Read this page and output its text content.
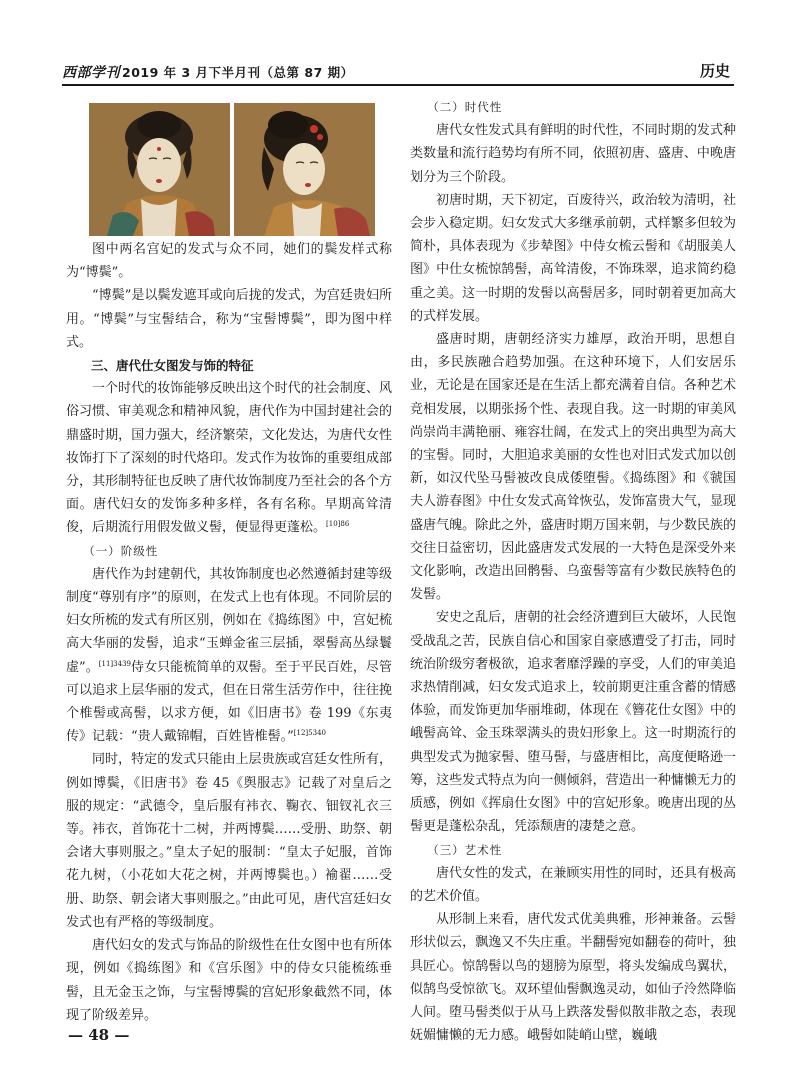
西部学刊 2019 年 3 月下半月刊（总第 87 期）	历史

图中两名宫妃的发式与众不同，她们的鬓发样式称为“博鬓”。

“博鬓”是以鬓发遮耳或向后拢的发式，为宫廷贵妇所用。“博鬓”与宝髻结合，称为“宝髻博鬓”，即为图中样式。

三、唐代仕女图发与饰的特征

一个时代的妆饰能够反映出这个时代的社会制度、风俗习惯、审美观念和精神风貌，唐代作为中国封建社会的鼎盛时期，国力强大，经济繁荣，文化发达，为唐代女性妆饰打下了深刻的时代烙印。发式作为妆饰的重要组成部分，其形制特征也反映了唐代妆饰制度乃至社会的各个方面。唐代妇女的发饰多种多样，各有名称。早期高耸清俊，后期流行用假发做义髻，便显得更蓬松。$^{[10]86}$

（一）阶级性

唐代作为封建朝代，其妆饰制度也必然遵循封建等级制度“尊别有序”的原则，在发式上也有体现。不同阶层的妇女所梳的发式有所区别，例如在《捣练图》中，宫妃梳高大华丽的发髻，追求“玉蝉金雀三层插，翠髻高丛绿鬟虚”。$^{[11]3439}$侍女只能梳简单的双髻。至于平民百姓，尽管可以追求上层华丽的发式，但在日常生活劳作中，往往挽个椎髻或高髻，以求方便，如《旧唐书》卷 199《东夷传》记载：“贵人戴锦帽，百姓皆椎髻。”$^{[12]5340}$

同时，特定的发式只能由上层贵族或宫廷女性所有，例如博鬓，《旧唐书》卷 45《舆服志》记载了对皇后之服的规定：“武德令，皇后服有袆衣、鞠衣、钿钗礼衣三等。袆衣，首饰花十二树，并两博鬓……受册、助祭、朝会诸大事则服之。”皇太子妃的服制：“皇太子妃服，首饰花九树，（小花如大花之树，并两博鬓也。）褕翟……受册、助祭、朝会诸大事则服之。”由此可见，唐代宫廷妇女发式也有严格的等级制度。

唐代妇女的发式与饰品的阶级性在仕女图中也有所体现，例如《捣练图》和《宫乐图》中的侍女只能梳练垂髻，且无金玉之饰，与宝髻博鬓的宫妃形象截然不同，体现了阶级差异。

（二）时代性

唐代女性发式具有鲜明的时代性，不同时期的发式种类数量和流行趋势均有所不同，依照初唐、盛唐、中晚唐划分为三个阶段。

初唐时期，天下初定，百废待兴，政治较为清明，社会步入稳定期。妇女发式大多继承前朝，式样繁多但较为简朴，具体表现为《步辇图》中侍女梳云髻和《胡服美人图》中仕女梳惊鹄髻，高耸清俊，不饰珠翠，追求简约稳重之美。这一时期的发髻以高髻居多，同时朝着更加高大的式样发展。

盛唐时期，唐朝经济实力雄厚，政治开明，思想自由，多民族融合趋势加强。在这种环境下，人们安居乐业，无论是在国家还是在生活上都充满着自信。各种艺术竞相发展，以期张扬个性、表现自我。这一时期的审美风尚崇尚丰满艳丽、雍容壮阔，在发式上的突出典型为高大的宝髻。同时，大胆追求美丽的女性也对旧式发式加以创新，如汉代坠马髻被改良成倭堕髻。《捣练图》和《虢国夫人游春图》中仕女发式高耸恢弘，发饰富贵大气，显现盛唐气魄。除此之外，盛唐时期万国来朝，与少数民族的交往日益密切，因此盛唐发式发展的一大特色是深受外来文化影响，改造出回鹘髻、乌蛮髻等富有少数民族特色的发髻。

安史之乱后，唐朝的社会经济遭到巨大破坏，人民饱受战乱之苦，民族自信心和国家自豪感遭受了打击，同时统治阶级穷奢极欲，追求奢靡浮躁的享受，人们的审美追求热情削减，妇女发式追求上，较前期更注重含蓄的情感体验，而发饰更加华丽堆砌，体现在《簪花仕女图》中的峨髻高耸、金玉珠翠满头的贵妇形象上。这一时期流行的典型发式为抛家髻、堕马髻，与盛唐相比，高度便略逊一筹，这些发式特点为向一侧倾斜，营造出一种慵懒无力的质感，例如《挥扇仕女图》中的宫妃形象。晚唐出现的丛髻更是蓬松杂乱，凭添颓唐的凄楚之意。

（三）艺术性

唐代女性的发式，在兼顾实用性的同时，还具有极高的艺术价值。

从形制上来看，唐代发式优美典雅，形神兼备。云髻形状似云，飘逸又不失庄重。半翻髻宛如翻卷的荷叶，独具匠心。惊鹄髻以鸟的翅膀为原型，将头发编成鸟翼状，似鹄鸟受惊欲飞。双环望仙髻飘逸灵动，如仙子泠然降临人间。堕马髻类似于从马上跌落发髻似散非散之态，表现妩媚慵懒的无力感。峨髻如陡峭山壁，巍峨

— 48 —
